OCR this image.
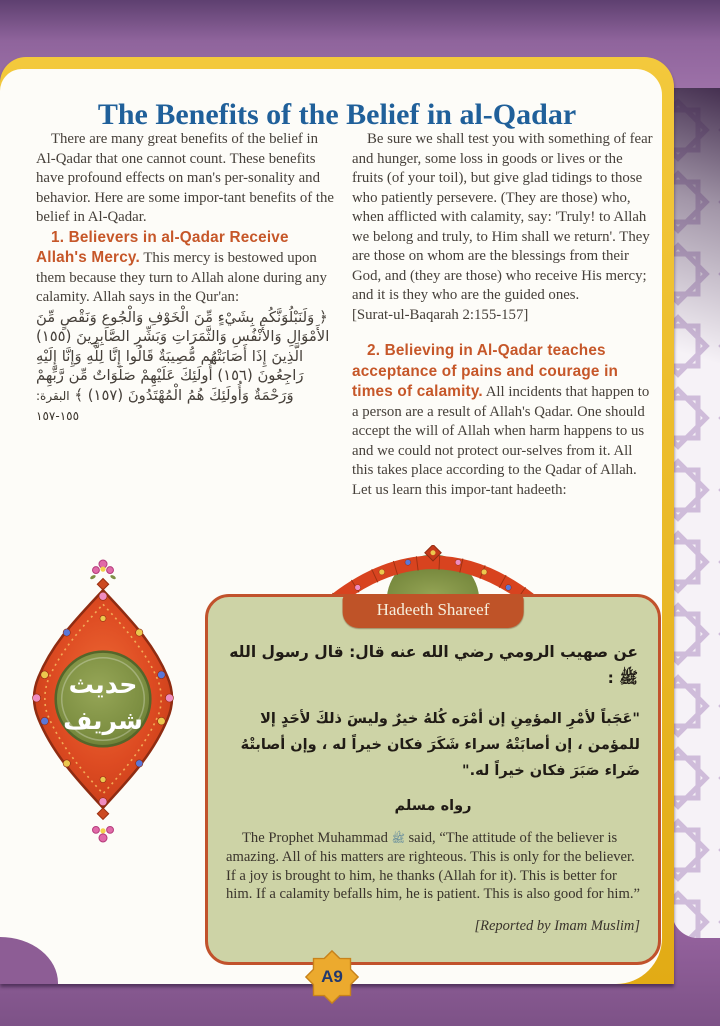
The Benefits of the Belief in al-Qadar

There are many great benefits of the belief in Al-Qadar that one cannot count. These benefits have profound effects on man's per-sonality and behavior. Here are some impor-tant benefits of the belief in Al-Qadar.

1. Believers in al-Qadar Receive Allah's Mercy. This mercy is bestowed upon them because they turn to Allah alone during any calamity. Allah says in the Qur'an:

﴿ وَلَنَبْلُوَنَّكُم بِشَيْءٍ مِّنَ الْخَوْفِ وَالْجُوعِ وَنَقْصٍ مِّنَ الأَمْوَالِ وَالأَنْفُسِ وَالثَّمَرَاتِ وَبَشِّرِ الصَّابِرِينَ (١٥٥) الَّذِينَ إِذَا أَصَابَتْهُم مُّصِيبَةٌ قَالُوا إِنَّا لِلَّهِ وَإِنَّا إِلَيْهِ رَاجِعُونَ (١٥٦) أُولَئِكَ عَلَيْهِمْ صَلَوَاتٌ مِّن رَّبِّهِمْ وَرَحْمَةٌ وَأُولَئِكَ هُمُ الْمُهْتَدُونَ (١٥٧) ﴾ البقرة: ١٥٥-١٥٧

Be sure we shall test you with something of fear and hunger, some loss in goods or lives or the fruits (of your toil), but give glad tidings to those who patiently persevere. (They are those) who, when afflicted with calamity, say: 'Truly! to Allah we belong and truly, to Him shall we return'. They are those on whom are the blessings from their God, and (they are those) who receive His mercy; and it is they who are the guided ones.

[Surat-ul-Baqarah 2:155-157]

2. Believing in Al-Qadar teaches acceptance of pains and courage in times of calamity. All incidents that happen to a person are a result of Allah's Qadar. One should accept the will of Allah when harm happens to us and we could not protect our-selves from it. All this takes place according to the Qadar of Allah. Let us learn this impor-tant hadeeth:

حديث
شريف
Hadeeth Shareef

عن صهيب الرومي رضي الله عنه قال: قال رسول الله ﷺ :

"عَجَباً لأمْرِ المؤمِنِ إن أمْرَه كُلهُ خيرٌ وليسَ ذلكَ لأحَدٍ إلا للمؤمن ، إن أصابَتْهُ سراء شَكَرَ فكان خيراً له ، وإن أصابتْهُ ضَراء صَبَرَ فكان خيراً له."

رواه مسلم

The Prophet Muhammad ﷺ said, “The attitude of the believer is amazing. All of his matters are righteous. This is only for the believer. If a joy is brought to him, he thanks (Allah for it). This is better for him. If a calamity befalls him, he is patient. This is also good for him.”

[Reported by Imam Muslim]

A9
